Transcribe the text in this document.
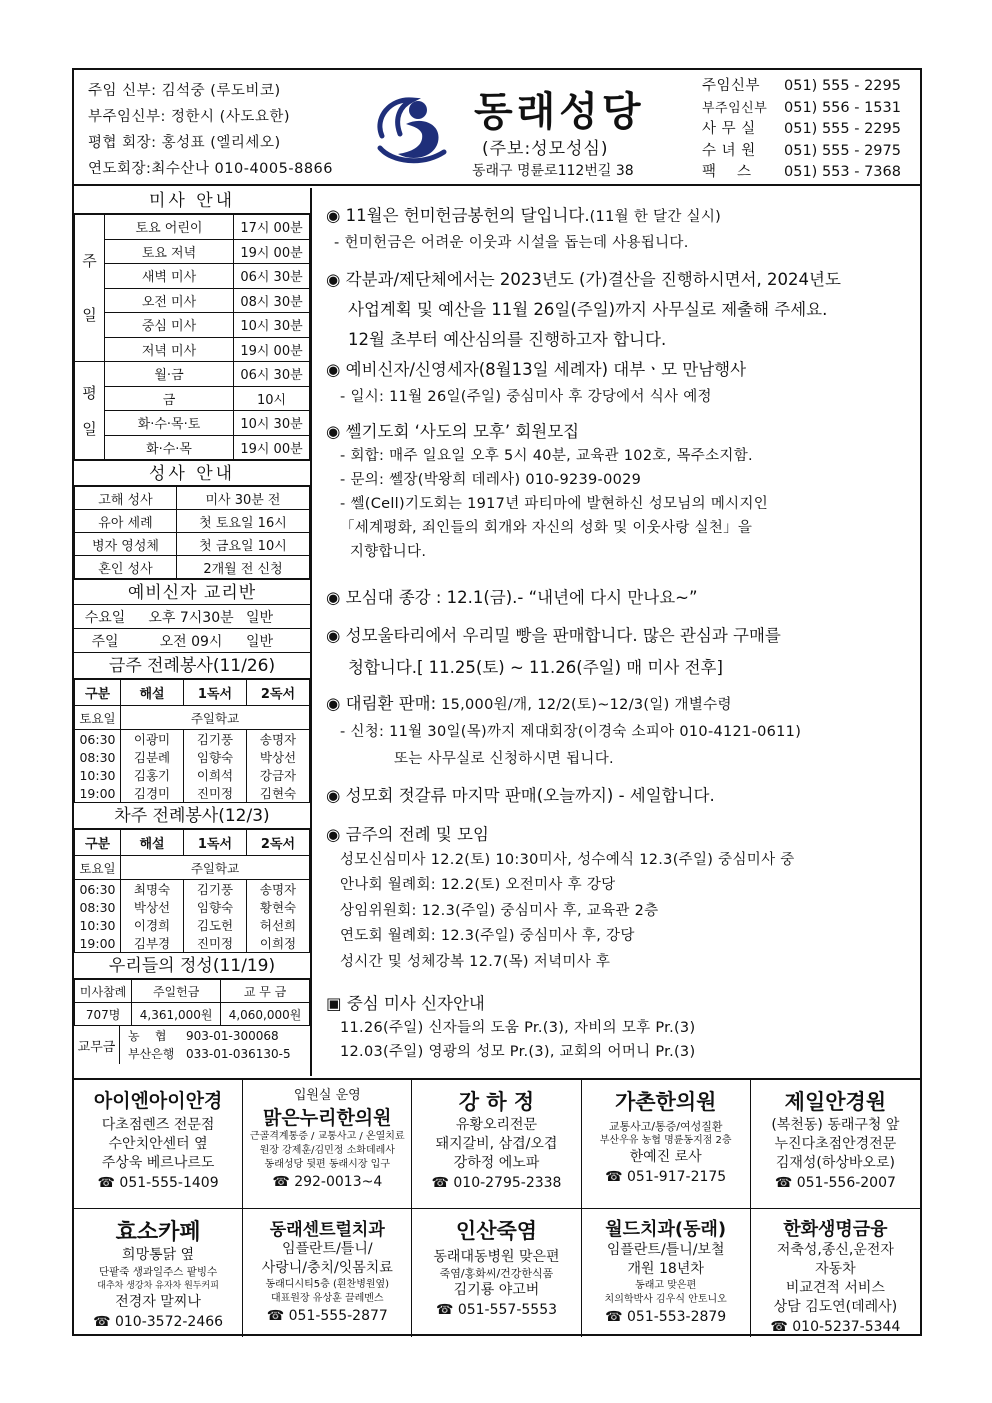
주임 신부: 김석중 (루도비코)
부주임신부: 정한시 (사도요한)
평협 회장: 홍성표 (엘리세오)
연도회장:최수산나 010-4005-8866
동래성당
(주보:성모성심)
동래구 명륜로112번길 38
주임신부	051) 555 - 2295
부주임신부	051) 556 - 1531
사 무 실	051) 555 - 2295
수 녀 원	051) 555 - 2975
팩    스	051) 553 - 7368
미사 안내
주

일	토요 어린이	17시 00분
	토요 저녁	19시 00분
	새벽 미사	06시 30분
	오전 미사	08시 30분
	중심 미사	10시 30분
	저녁 미사	19시 00분
평

일	월·금	06시 30분
	금	10시
	화·수·목·토	10시 30분
	화·수·목	19시 00분
성사 안내
고해 성사	미사 30분 전
유아 세례	첫 토요일 16시
병자 영성체	첫 금요일 10시
혼인 성사	2개월 전 신청
예비신자 교리반
수요일	오후 7시30분 일반
주일	오전 09시	일반
금주 전례봉사(11/26)
구분	해설	1독서	2독서
토요일	주일학교		
06:30	이광미	김기풍	송명자
08:30	김분례	임향숙	박상선
10:30	김홍기	이희석	강금자
19:00	김경미	진미정	김현숙
차주 전례봉사(12/3)
구분	해설	1독서	2독서
토요일	주일학교		
06:30	최명숙	김기풍	송명자
08:30	박상선	임향숙	황현숙
10:30	이경희	김도헌	허선희
19:00	김부경	진미정	이희정
우리들의 정성(11/19)
미사참례	주일헌금	교 무 금
707명	4,361,000원	4,060,000원
교무금
농    협 903-01-300068
부산은행 033-01-036130-5
◉ 11월은 헌미헌금봉헌의 달입니다.(11월 한 달간 실시)
- 헌미헌금은 어려운 이웃과 시설을 돕는데 사용됩니다.
◉ 각분과/제단체에서는 2023년도 (가)결산을 진행하시면서, 2024년도
사업계획 및 예산을 11월 26일(주일)까지 사무실로 제출해 주세요.
12월 초부터 예산심의를 진행하고자 합니다.
◉ 예비신자/신영세자(8월13일 세례자) 대부ㆍ모 만남행사
- 일시: 11월 26일(주일) 중심미사 후 강당에서 식사 예정
◉ 쎌기도회 ‘사도의 모후’ 회원모집
- 회합: 매주 일요일 오후 5시 40분, 교육관 102호, 목주소지함.
- 문의: 쎌장(박왕희 데레사) 010-9239-0029
- 쎌(Cell)기도회는 1917년 파티마에 발현하신 성모님의 메시지인
「세계평화, 죄인들의 회개와 자신의 성화 및 이웃사랑 실천」을
지향합니다.
◉ 모심대 종강 : 12.1(금).- “내년에 다시 만나요~”
◉ 성모울타리에서 우리밀 빵을 판매합니다. 많은 관심과 구매를
청합니다.[ 11.25(토) ~ 11.26(주일) 매 미사 전후]
◉ 대림환 판매: 15,000원/개, 12/2(토)~12/3(일) 개별수령
- 신청: 11월 30일(목)까지 제대회장(이경숙 소피아 010-4121-0611)
또는 사무실로 신청하시면 됩니다.
◉ 성모회 젓갈류 마지막 판매(오늘까지) - 세일합니다.
◉ 금주의 전례 및 모임
성모신심미사 12.2(토) 10:30미사, 성수예식 12.3(주일) 중심미사 중
안나회 월례회: 12.2(토) 오전미사 후 강당
상임위원회: 12.3(주일) 중심미사 후, 교육관 2층
연도회 월례회: 12.3(주일) 중심미사 후, 강당
성시간 및 성체강복 12.7(목) 저녁미사 후
▣ 중심 미사 신자안내
11.26(주일) 신자들의 도움 Pr.(3), 자비의 모후 Pr.(3)
12.03(주일) 영광의 성모 Pr.(3), 교회의 어머니 Pr.(3)
아이엔아이안경
다초점렌즈 전문점
수안치안센터 옆
주상욱 베르나르도
☎ 051-555-1409
입원실 운영
맑은누리한의원
근골격계통증 / 교통사고 / 온열치료
원장 강제훈/김민정 소화데레사
동래성당 뒷편 동래시장 입구
☎ 292-0013~4
강 하 정
유황오리전문
돼지갈비, 삼겹/오겹
강하정 에노파
☎ 010-2795-2338
가촌한의원
교통사고/통증/여성질환
부산우유 농협 명륜동지점 2층
한예진 로사
☎ 051-917-2175
제일안경원
(복천동) 동래구청 앞
누진다초점안경전문
김재성(하상바오로)
☎ 051-556-2007
효소카페
희망통닭 옆
단팥죽 생과일주스 팥빙수
대추차 생강차 유자차 원두커피
전경자 말찌나
☎ 010-3572-2466
동래센트럴치과
임플란트/틀니/
사랑니/충치/잇몸치료
동래디시티5층 (흰찬병원옆)
대표원장 유상훈 끌레멘스
☎ 051-555-2877
인산죽염
동래대동병원 맞은편
죽염/홍화씨/건강한식품
김기룡 야고버
☎ 051-557-5553
월드치과(동래)
임플란트/틀니/보철
개원 18년차
동래고 맞은편
치의학박사 김우식 안토니오
☎ 051-553-2879
한화생명금융
저축성,종신,운전자
자동차
비교견적 서비스
상담 김도연(데레사)
☎ 010-5237-5344
